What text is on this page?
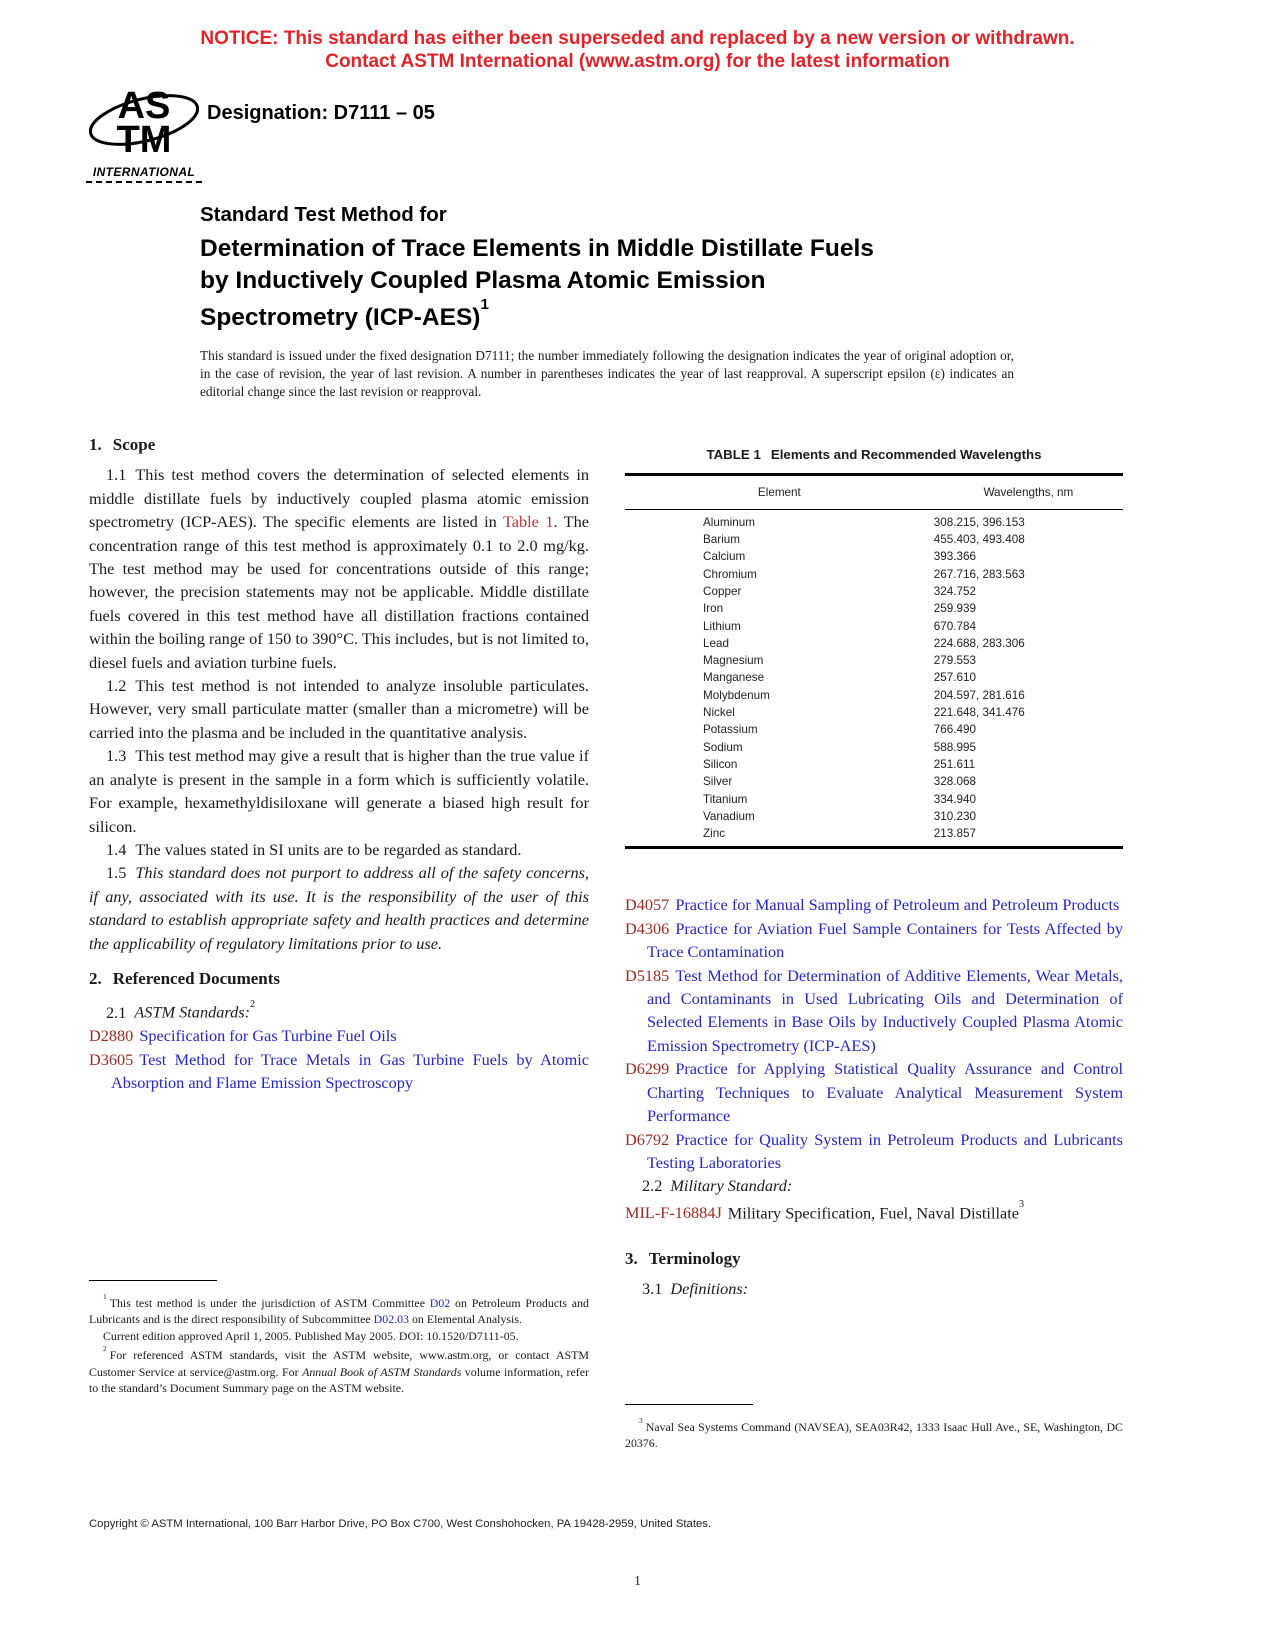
NOTICE: This standard has either been superseded and replaced by a new version or withdrawn.
Contact ASTM International (www.astm.org) for the latest information
AS
TM
INTERNATIONAL
Designation: D7111 – 05
Standard Test Method for
Determination of Trace Elements in Middle Distillate Fuels
by Inductively Coupled Plasma Atomic Emission
Spectrometry $(ICP-AES)^1$
This standard is issued under the fixed designation D7111; the number immediately following the designation indicates the year of original adoption or, in the case of revision, the year of last revision. A number in parentheses indicates the year of last reapproval. A superscript epsilon (ε) indicates an editorial change since the last revision or reapproval.

1. Scope

1.1 This test method covers the determination of selected elements in middle distillate fuels by inductively coupled plasma atomic emission spectrometry (ICP-AES). The specific elements are listed in Table 1. The concentration range of this test method is approximately 0.1 to 2.0 mg/kg. The test method may be used for concentrations outside of this range; however, the precision statements may not be applicable. Middle distillate fuels covered in this test method have all distillation fractions contained within the boiling range of 150 to 390°C. This includes, but is not limited to, diesel fuels and aviation turbine fuels.

1.2 This test method is not intended to analyze insoluble particulates. However, very small particulate matter (smaller than a micrometre) will be carried into the plasma and be included in the quantitative analysis.

1.3 This test method may give a result that is higher than the true value if an analyte is present in the sample in a form which is sufficiently volatile. For example, hexamethyldisiloxane will generate a biased high result for silicon.

1.4 The values stated in SI units are to be regarded as standard.

1.5 This standard does not purport to address all of the safety concerns, if any, associated with its use. It is the responsibility of the user of this standard to establish appropriate safety and health practices and determine the applicability of regulatory limitations prior to use.

2. Referenced Documents

2.1 ASTM Standards:$^2$

D2880 Specification for Gas Turbine Fuel Oils

D3605 Test Method for Trace Metals in Gas Turbine Fuels by Atomic Absorption and Flame Emission Spectroscopy

TABLE 1 Elements and Recommended Wavelengths
Element	Wavelengths, nm
Aluminum	308.215, 396.153
Barium	455.403, 493.408
Calcium	393.366
Chromium	267.716, 283.563
Copper	324.752
Iron	259.939
Lithium	670.784
Lead	224.688, 283.306
Magnesium	279.553
Manganese	257.610
Molybdenum	204.597, 281.616
Nickel	221.648, 341.476
Potassium	766.490
Sodium	588.995
Silicon	251.611
Silver	328.068
Titanium	334.940
Vanadium	310.230
Zinc	213.857

D4057 Practice for Manual Sampling of Petroleum and Petroleum Products

D4306 Practice for Aviation Fuel Sample Containers for Tests Affected by Trace Contamination

D5185 Test Method for Determination of Additive Elements, Wear Metals, and Contaminants in Used Lubricating Oils and Determination of Selected Elements in Base Oils by Inductively Coupled Plasma Atomic Emission Spectrometry (ICP-AES)

D6299 Practice for Applying Statistical Quality Assurance and Control Charting Techniques to Evaluate Analytical Measurement System Performance

D6792 Practice for Quality System in Petroleum Products and Lubricants Testing Laboratories

2.2 Military Standard:

MIL-F-16884J Military Specification, Fuel, Naval Distillate$^3$

3. Terminology

3.1 Definitions:

$^1$ This test method is under the jurisdiction of ASTM Committee D02 on Petroleum Products and Lubricants and is the direct responsibility of Subcommittee D02.03 on Elemental Analysis.

Current edition approved April 1, 2005. Published May 2005. DOI: 10.1520/D7111-05.

$^2$ For referenced ASTM standards, visit the ASTM website, www.astm.org, or contact ASTM Customer Service at service@astm.org. For Annual Book of ASTM Standards volume information, refer to the standard’s Document Summary page on the ASTM website.

$^3$ Naval Sea Systems Command (NAVSEA), SEA03R42, 1333 Isaac Hull Ave., SE, Washington, DC 20376.

Copyright © ASTM International, 100 Barr Harbor Drive, PO Box C700, West Conshohocken, PA 19428-2959, United States.
1
